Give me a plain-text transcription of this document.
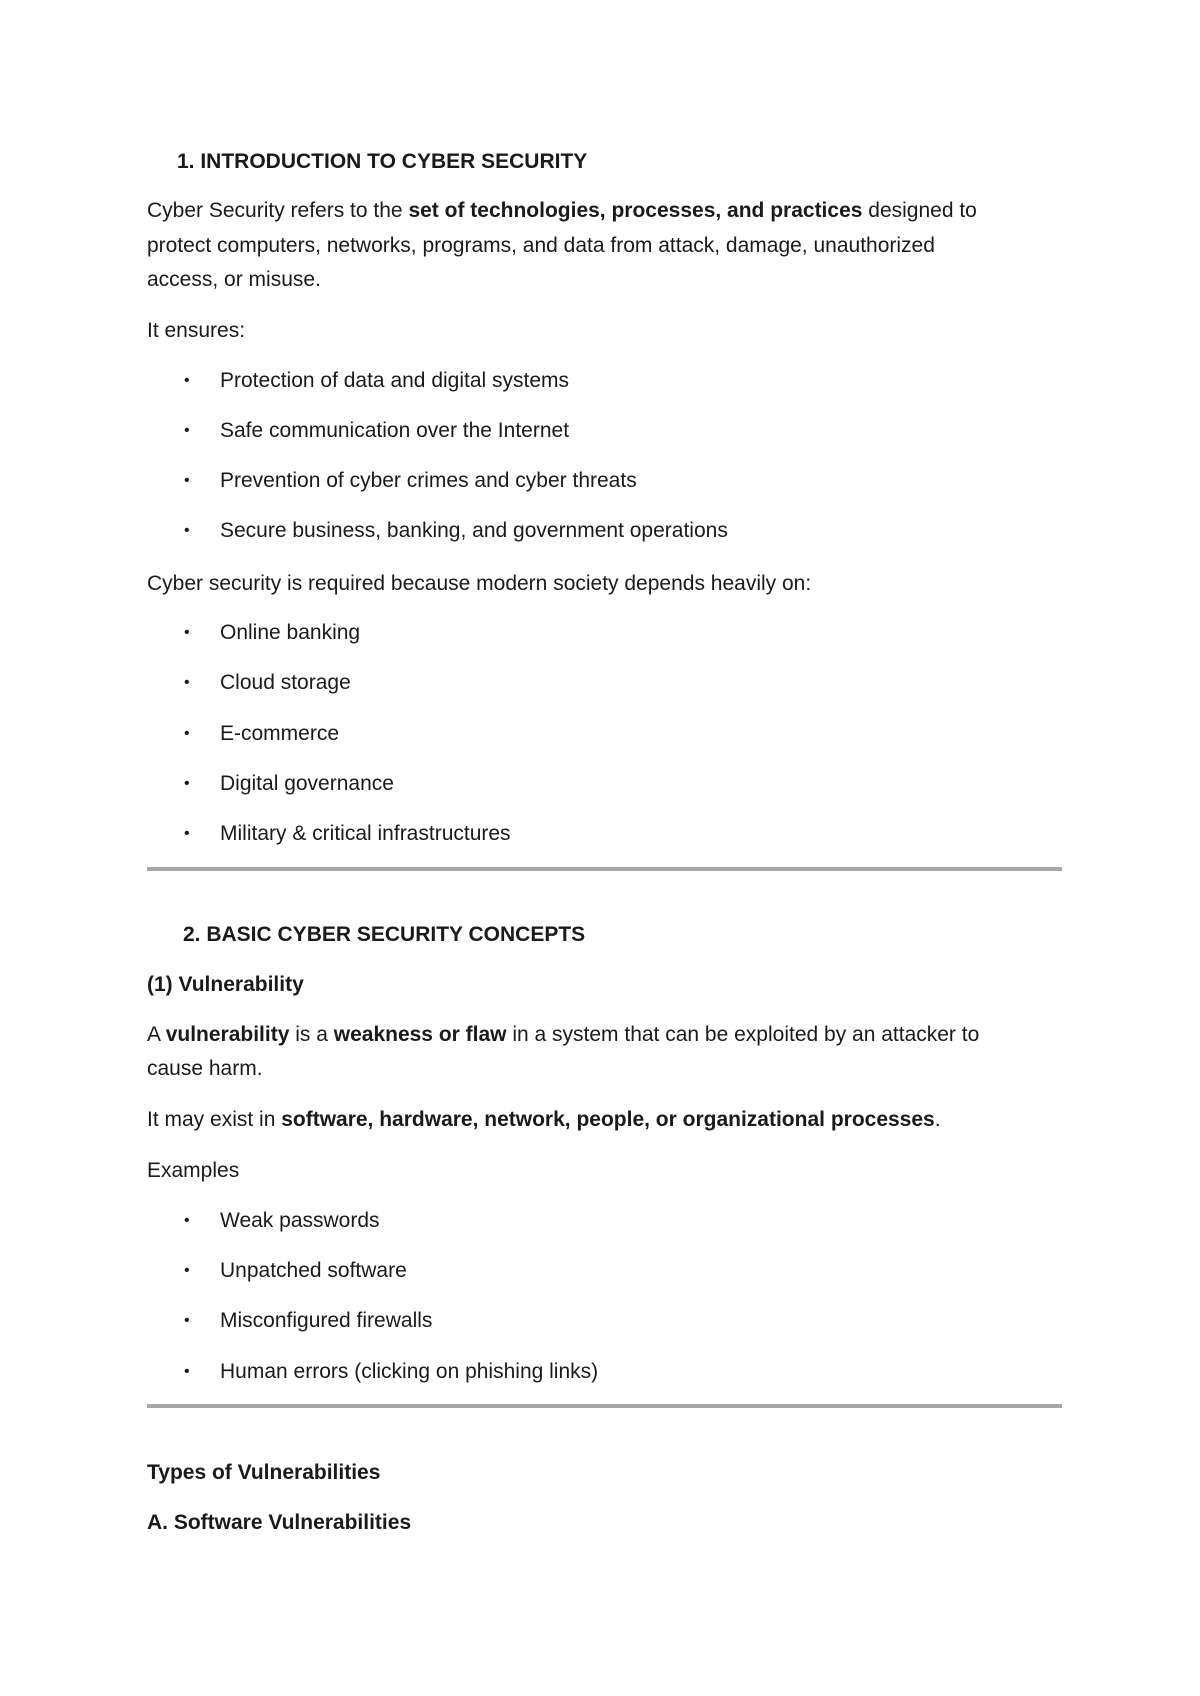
1. INTRODUCTION TO CYBER SECURITY
Cyber Security refers to the set of technologies, processes, and practices designed to
protect computers, networks, programs, and data from attack, damage, unauthorized
access, or misuse.
It ensures:
• Protection of data and digital systems
• Safe communication over the Internet
• Prevention of cyber crimes and cyber threats
• Secure business, banking, and government operations
Cyber security is required because modern society depends heavily on:
• Online banking
• Cloud storage
• E-commerce
• Digital governance
• Military & critical infrastructures
2. BASIC CYBER SECURITY CONCEPTS
(1) Vulnerability
A vulnerability is a weakness or flaw in a system that can be exploited by an attacker to
cause harm.
It may exist in software, hardware, network, people, or organizational processes.
Examples
• Weak passwords
• Unpatched software
• Misconfigured firewalls
• Human errors (clicking on phishing links)
Types of Vulnerabilities
A. Software Vulnerabilities
